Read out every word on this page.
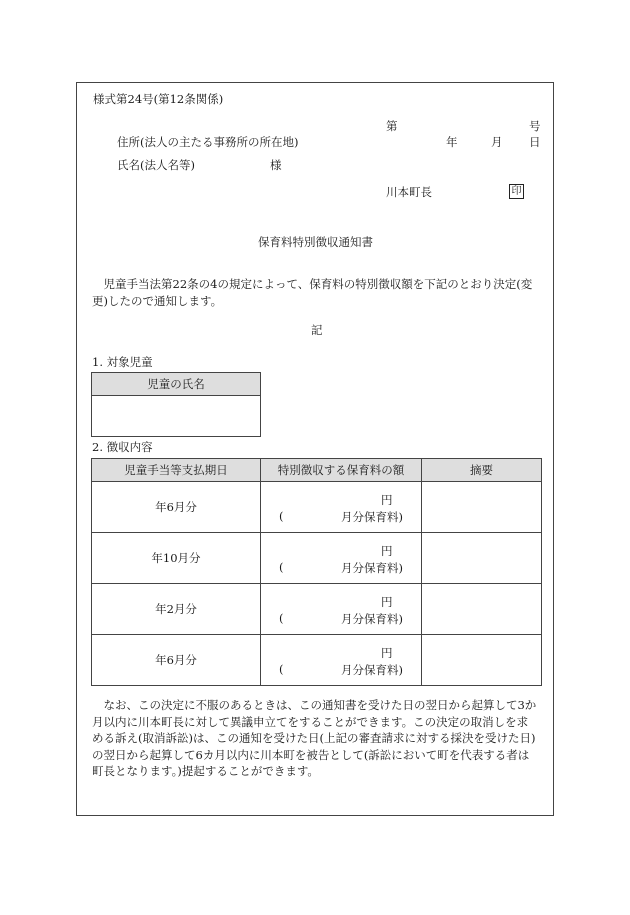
様式第24号(第12条関係)
第	号
住所(法人の主たる事務所の所在地)	年	月 日
氏名(法人名等)	様
川本町長	印
保育料特別徴収通知書
児童手当法第22条の4の規定によって、保育料の特別徴収額を下記のとおり決定(変更)したので通知します。
記
1. 対象児童
児童の氏名

2. 徴収内容
児童手当等支払期日	特別徴収する保育料の額	摘要
年6月分	円
( 月分保育料)	

年10月分	円
( 月分保育料)	

年2月分	円
( 月分保育料)	

年6月分	円
( 月分保育料)	

なお、この決定に不服のあるときは、この通知書を受けた日の翌日から起算して3か月以内に川本町長に対して異議申立てをすることができます。この決定の取消しを求める訴え(取消訴訟)は、この通知を受けた日(上記の審査請求に対する採決を受けた日)の翌日から起算して6カ月以内に川本町を被告として(訴訟において町を代表する者は町長となります。)提起することができます。
